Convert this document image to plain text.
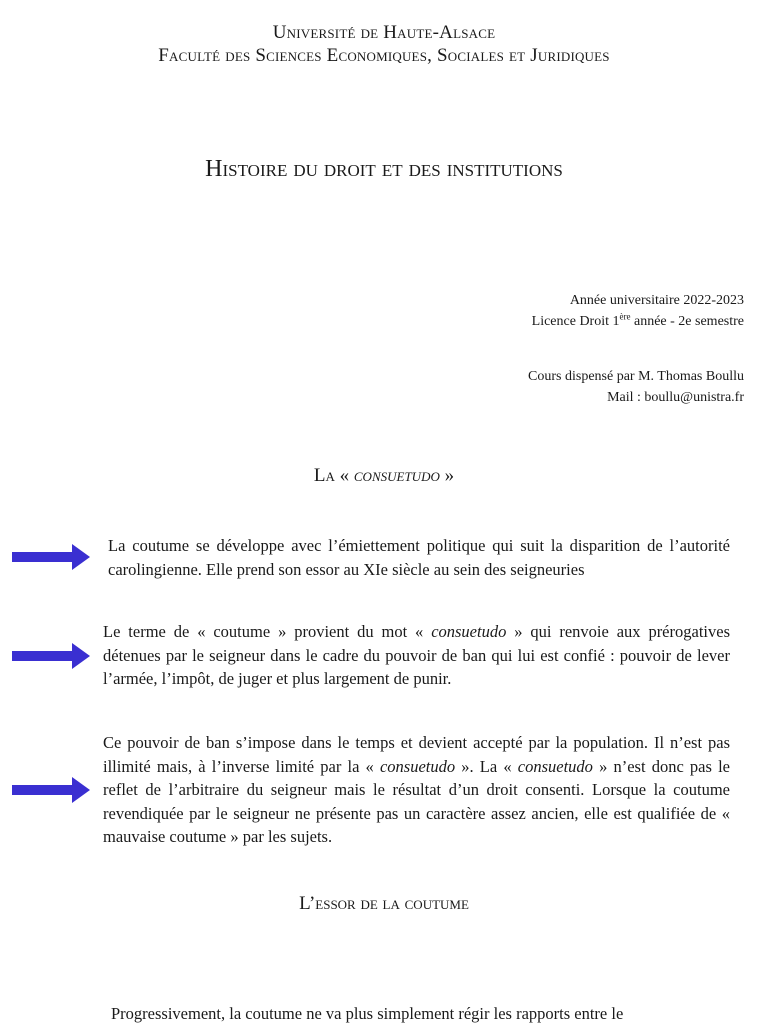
Université de Haute-Alsace
Faculté des Sciences Economiques, Sociales et Juridiques
Histoire du droit et des institutions
Année universitaire 2022-2023
Licence Droit 1ère année - 2e semestre
Cours dispensé par M. Thomas Boullu
Mail : boullu@unistra.fr
La « consuetudo »
La coutume se développe avec l’émiettement politique qui suit la disparition de l’autorité carolingienne. Elle prend son essor au XIe siècle au sein des seigneuries
Le terme de « coutume » provient du mot « consuetudo » qui renvoie aux prérogatives détenues par le seigneur dans le cadre du pouvoir de ban qui lui est confié : pouvoir de lever l’armée, l’impôt, de juger et plus largement de punir.
Ce pouvoir de ban s’impose dans le temps et devient accepté par la population. Il n’est pas illimité mais, à l’inverse limité par la « consuetudo ». La « consuetudo » n’est donc pas le reflet de l’arbitraire du seigneur mais le résultat d’un droit consenti. Lorsque la coutume revendiquée par le seigneur ne présente pas un caractère assez ancien, elle est qualifiée de « mauvaise coutume » par les sujets.
L’essor de la coutume
Progressivement, la coutume ne va plus simplement régir les rapports entre le
